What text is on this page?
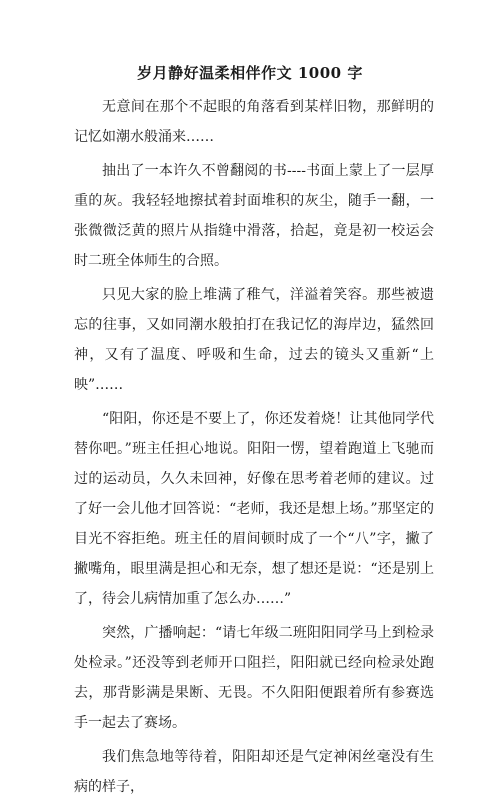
岁月静好温柔相伴作文 1000 字

无意间在那个不起眼的角落看到某样旧物，那鲜明的记忆如潮水般涌来……

抽出了一本许久不曾翻阅的书----书面上蒙上了一层厚重的灰。我轻轻地擦拭着封面堆积的灰尘，随手一翻，一张微微泛黄的照片从指缝中滑落，拾起，竟是初一校运会时二班全体师生的合照。

只见大家的脸上堆满了稚气，洋溢着笑容。那些被遗忘的往事，又如同潮水般拍打在我记忆的海岸边，猛然回神，又有了温度、呼吸和生命，过去的镜头又重新“上映”……

“阳阳，你还是不要上了，你还发着烧！让其他同学代替你吧。”班主任担心地说。阳阳一愣，望着跑道上飞驰而过的运动员，久久未回神，好像在思考着老师的建议。过了好一会儿他才回答说：“老师，我还是想上场。”那坚定的目光不容拒绝。班主任的眉间顿时成了一个“八”字，撇了撇嘴角，眼里满是担心和无奈，想了想还是说：“还是别上了，待会儿病情加重了怎么办……”

突然，广播响起：“请七年级二班阳阳同学马上到检录处检录。”还没等到老师开口阻拦，阳阳就已经向检录处跑去，那背影满是果断、无畏。不久阳阳便跟着所有参赛选手一起去了赛场。

我们焦急地等待着，阳阳却还是气定神闲丝毫没有生病的样子，
